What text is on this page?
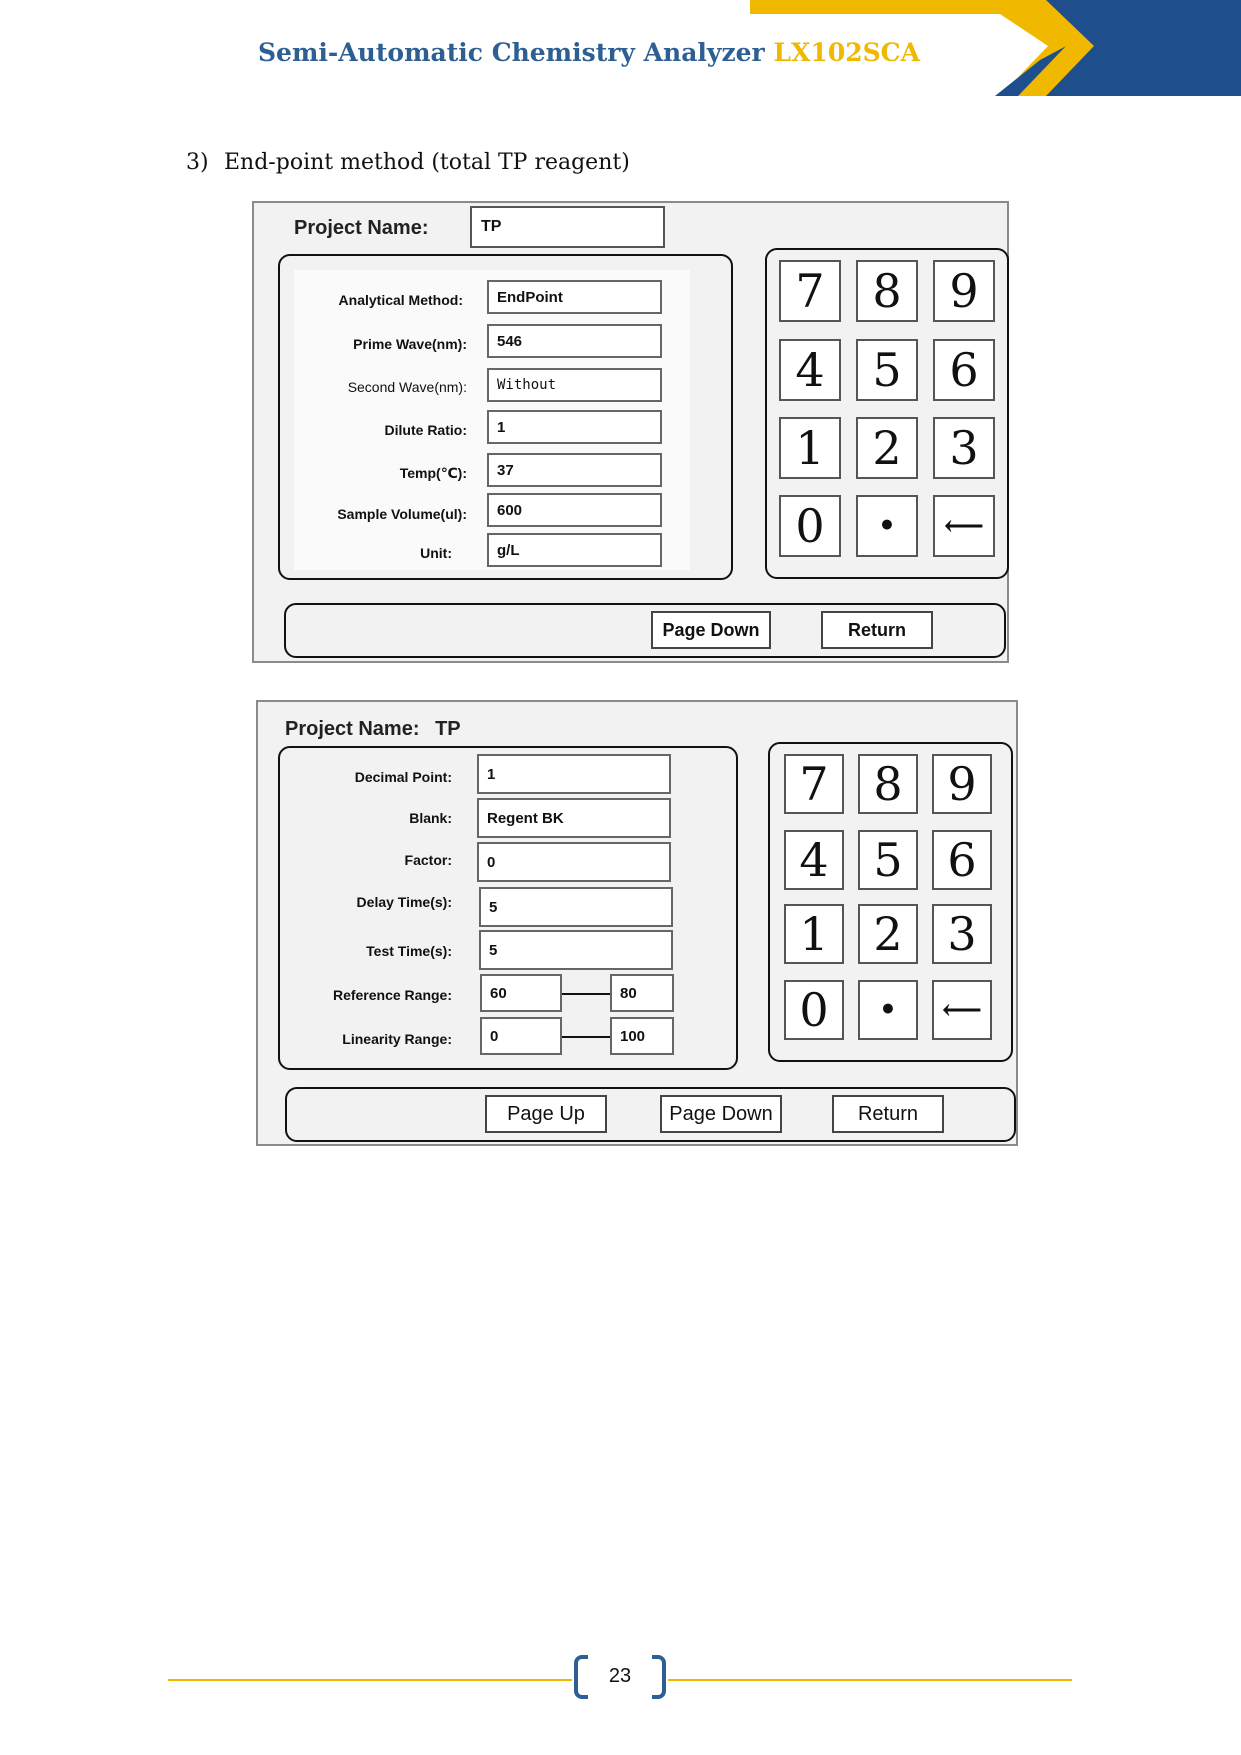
Semi-Automatic Chemistry Analyzer LX102SCA
3) End-point method (total TP reagent)
Project Name:	TP
Analytical Method:	EndPoint
Prime Wave(nm):	546
Second Wave(nm):	Without
Dilute Ratio:	1
Temp(℃):	37
Sample Volume(ul):	600
Unit:	g/L
7	8	9
4	5	6
1	2	3
0	•	⟵
Page Down	Return
Project Name: TP
Decimal Point:	1
Blank:	Regent BK
Factor:	0
Delay Time(s):	5
Test Time(s):	5
Reference Range:	60	80
Linearity Range:	0	100
7 8 9
4 5 6
1 2 3
0	•	⟵
Page Up	Page Down	Return
23
